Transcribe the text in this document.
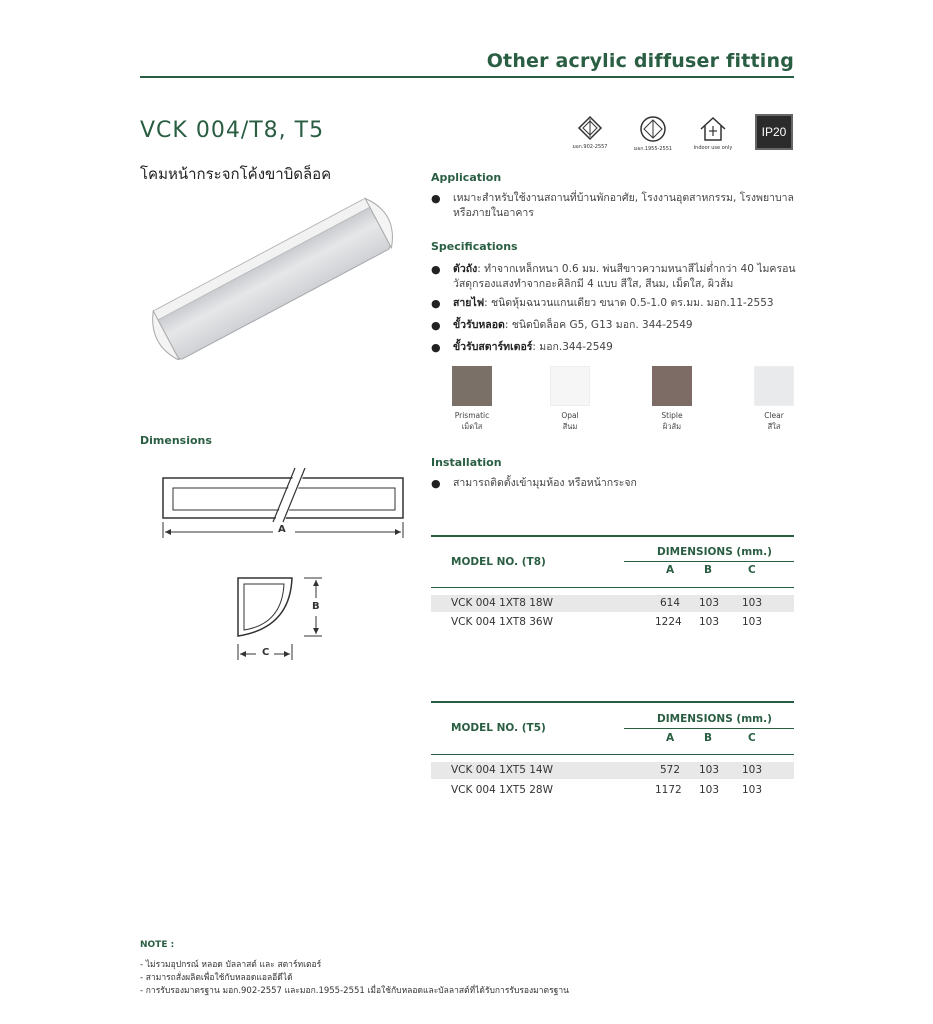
Other acrylic diffuser fitting
VCK 004/T8, T5
โคมหน้ากระจกโค้งขาบิดล็อค
มอก.902-2557	มอก.1955-2551	Indoor use only
IP20
Application
● เหมาะสำหรับใช้งานสถานที่บ้านพักอาศัย, โรงงานอุตสาหกรรม, โรงพยาบาล หรือภายในอาคาร
Specifications
● ตัวถัง: ทำจากเหล็กหนา 0.6 มม. พ่นสีขาวความหนาสีไม่ต่ำกว่า 40 ไมครอน วัสดุกรองแสงทำจากอะคิลิกมี 4 แบบ สีใส, สีนม, เม็ดใส, ผิวส้ม
● สายไฟ: ชนิดหุ้มฉนวนแกนเดียว ขนาด 0.5-1.0 ตร.มม. มอก.11-2553
● ขั้วรับหลอด: ชนิดบิดล็อค G5, G13 มอก. 344-2549
● ขั้วรับสตาร์ทเตอร์: มอก.344-2549
Prismatic
เม็ดใส
Opal
สีนม
Stiple
ผิวส้ม
Clear
สีใส
Dimensions
A
B
C
Installation
● สามารถติดตั้งเข้ามุมห้อง หรือหน้ากระจก
MODEL NO. (T8)
DIMENSIONS (mm.)
A	B	C
VCK 004 1XT8 18W	614 103 103
VCK 004 1XT8 36W	1224 103 103
MODEL NO. (T5)
DIMENSIONS (mm.)
A	B	C
VCK 004 1XT5 14W	572 103 103
VCK 004 1XT5 28W	1172 103 103
NOTE :
- ไม่รวมอุปกรณ์ หลอด บัลลาสต์ และ สตาร์ทเตอร์
- สามารถสั่งผลิตเพื่อใช้กับหลอดแอลอีดีได้
- การรับรองมาตรฐาน มอก.902-2557 และมอก.1955-2551 เมื่อใช้กับหลอดและบัลลาสต์ที่ได้รับการรับรองมาตรฐาน
